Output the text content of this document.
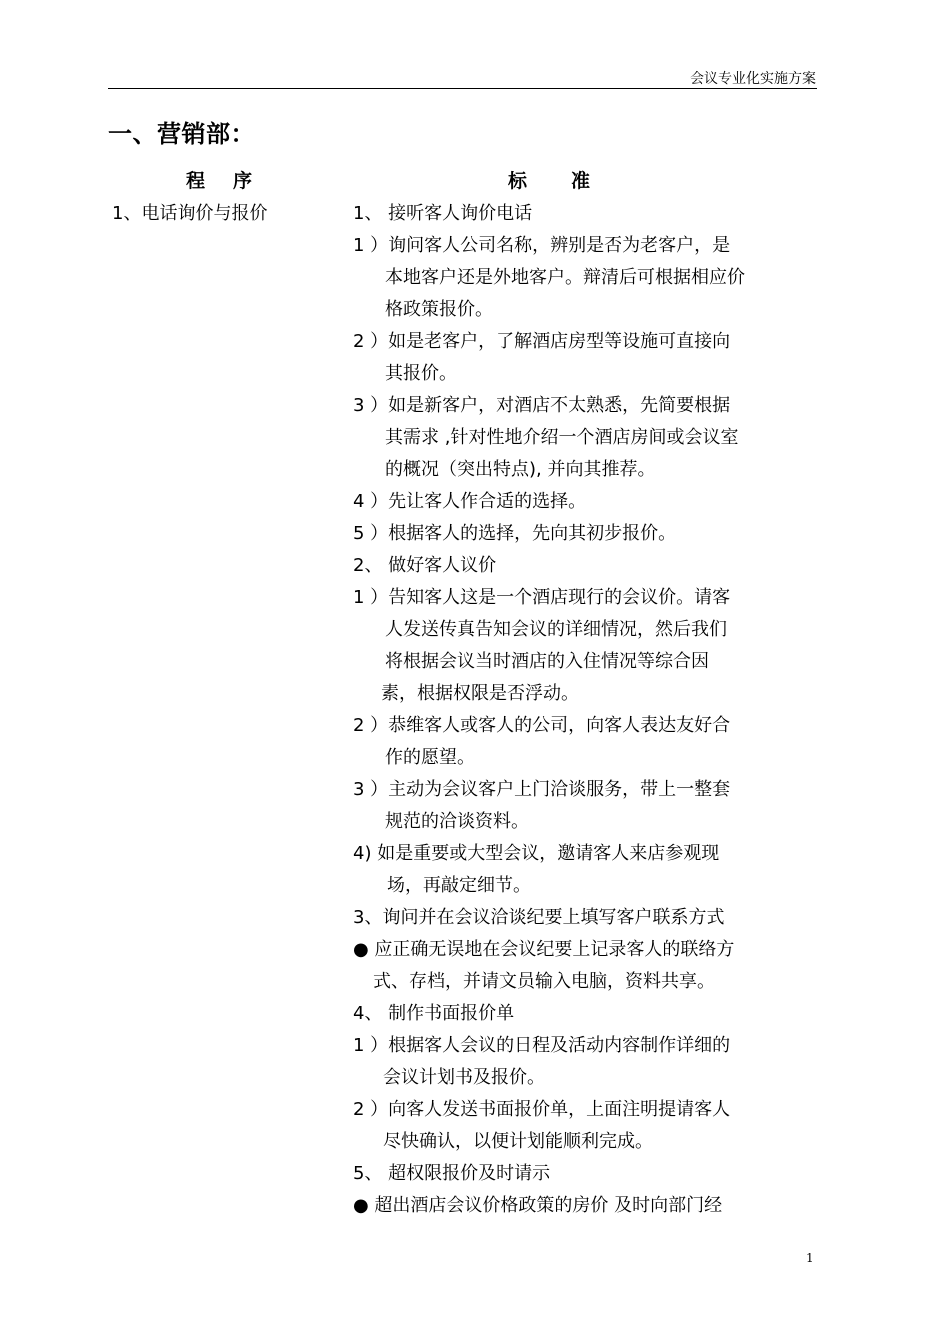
会议专业化实施方案
一、营销部：
程序	标准
1、电话询价与报价	1、 接听客人询价电话
1 ）询问客人公司名称，辨别是否为老客户，是
本地客户还是外地客户。辩清后可根据相应价
格政策报价。
2 ）如是老客户，了解酒店房型等设施可直接向
其报价。
3 ）如是新客户，对酒店不太熟悉，先简要根据
其需求 ,针对性地介绍一个酒店房间或会议室
的概况（突出特点), 并向其推荐。
4 ）先让客人作合适的选择。
5 ）根据客人的选择，先向其初步报价。
2、 做好客人议价
1 ）告知客人这是一个酒店现行的会议价。请客
人发送传真告知会议的详细情况，然后我们
将根据会议当时酒店的入住情况等综合因
素，根据权限是否浮动。
2 ）恭维客人或客人的公司，向客人表达友好合
作的愿望。
3 ）主动为会议客户上门洽谈服务，带上一整套
规范的洽谈资料。
4) 如是重要或大型会议，邀请客人来店参观现
场，再敲定细节。
3、询问并在会议洽谈纪要上填写客户联系方式
● 应正确无误地在会议纪要上记录客人的联络方
式、存档，并请文员输入电脑，资料共享。
4、 制作书面报价单
1 ）根据客人会议的日程及活动内容制作详细的
会议计划书及报价。
2 ）向客人发送书面报价单，上面注明提请客人
尽快确认，以便计划能顺利完成。
5、 超权限报价及时请示
● 超出酒店会议价格政策的房价 及时向部门经
1
